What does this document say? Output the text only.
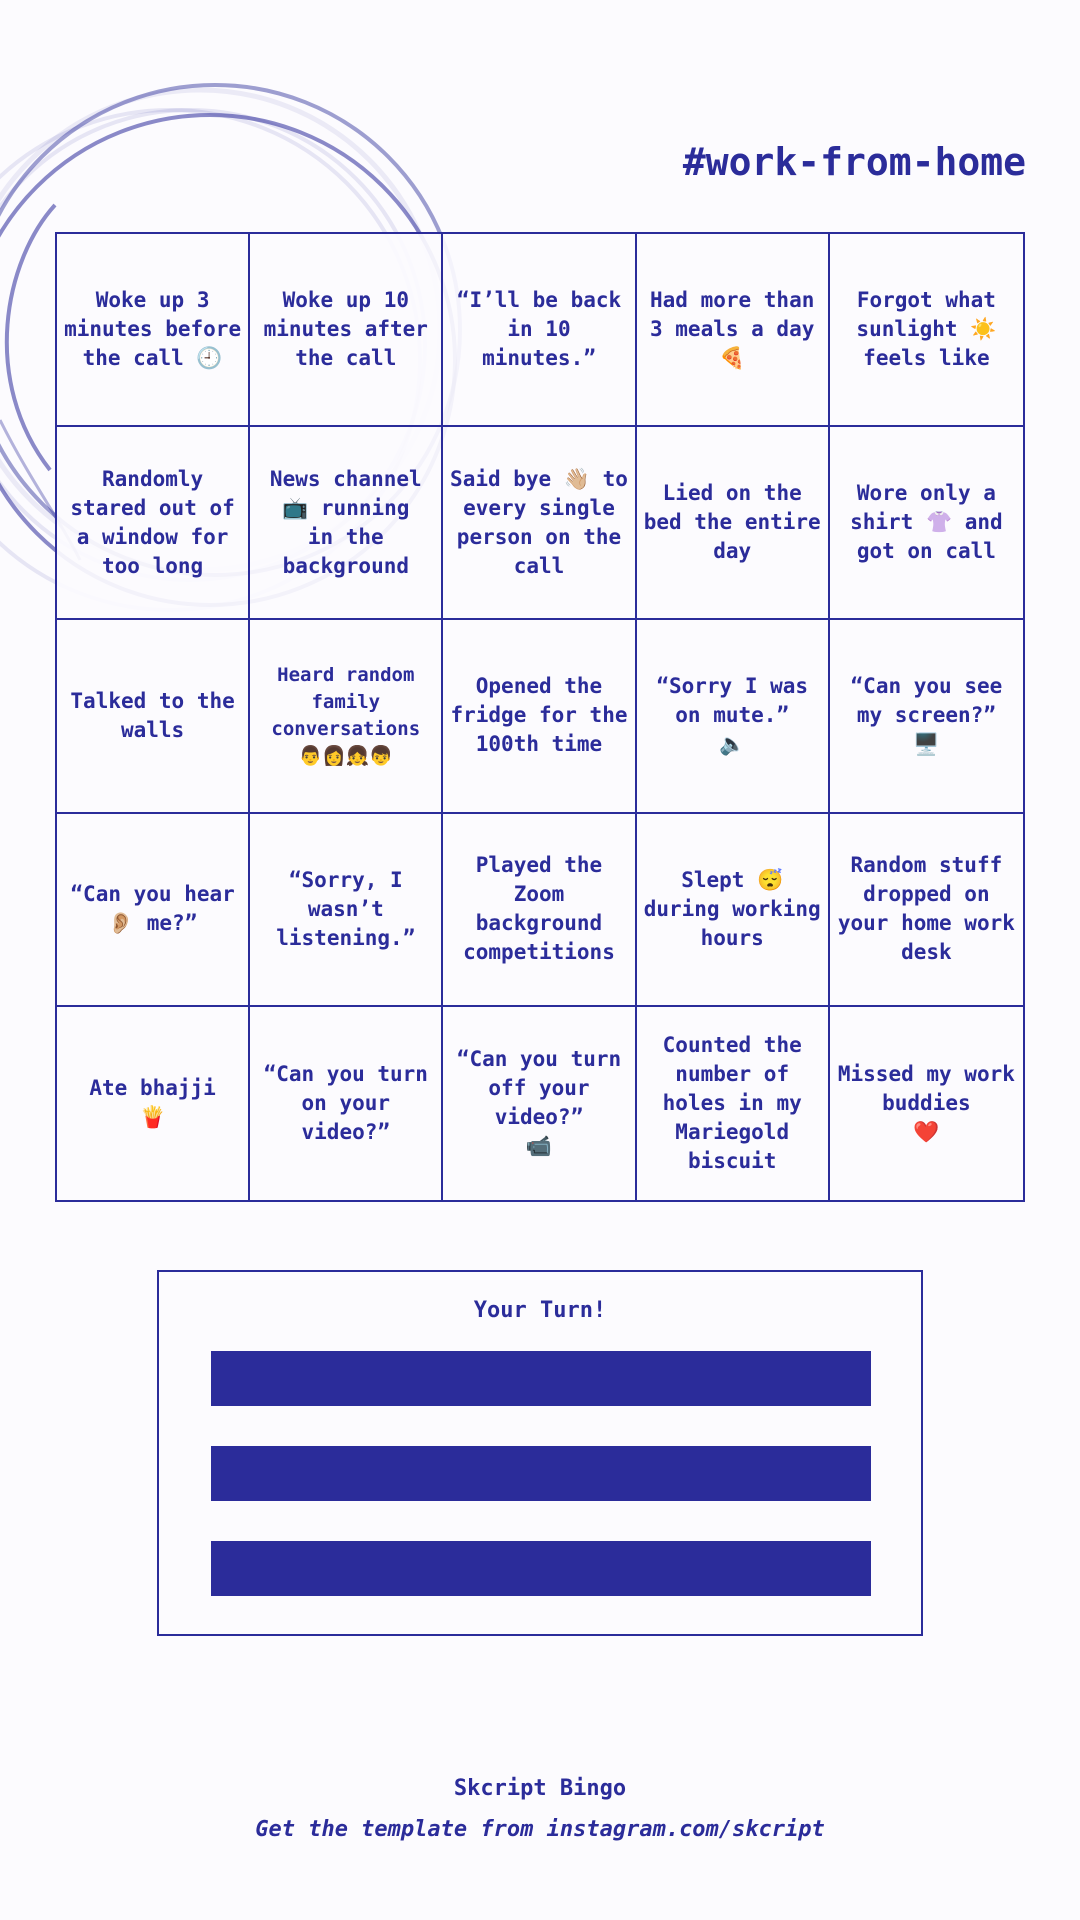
#work-from-home
Woke up 3
minutes before
the call 🕘
Woke up 10
minutes after
the call
“I’ll be back
in 10
minutes.”
Had more than
3 meals a day
🍕
Forgot what
sunlight ☀️
feels like
Randomly
stared out of
a window for
too long
News channel
📺 running
in the
background
Said bye 👋🏼 to
every single
person on the
call
Lied on the
bed the entire
day
Wore only a
shirt 👚 and
got on call
Talked to the
walls
Heard random
family
conversations
👨👩👧👦
Opened the
fridge for the
100th time
“Sorry I was
on mute.”
🔈
“Can you see
my screen?”
🖥️
“Can you hear
👂🏼 me?”
“Sorry, I
wasn’t
listening.”
Played the
Zoom
background
competitions
Slept 😴
during working
hours
Random stuff
dropped on
your home work
desk
Ate bhajji
🍟
“Can you turn
on your
video?”
“Can you turn
off your
video?”
📹
Counted the
number of
holes in my
Mariegold
biscuit
Missed my work
buddies
❤️
Your Turn!
Skcript Bingo
Get the template from instagram.com/skcript
